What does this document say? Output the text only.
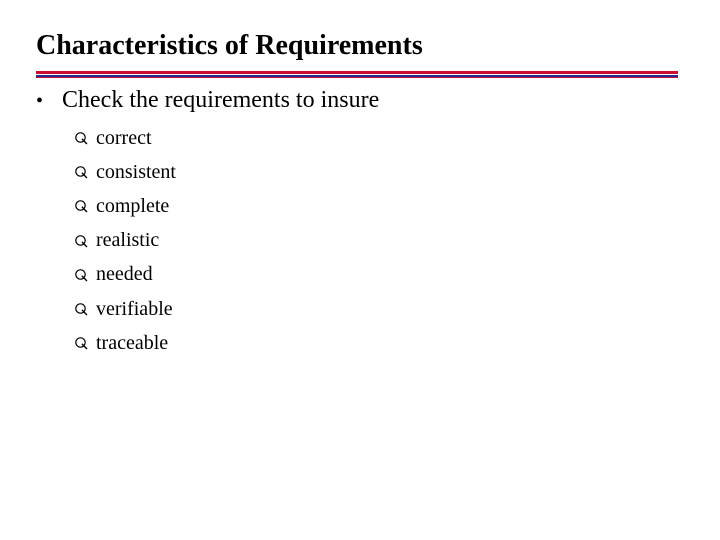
Characteristics of Requirements
• Check the requirements to insure
correct
consistent
complete
realistic
needed
verifiable
traceable
